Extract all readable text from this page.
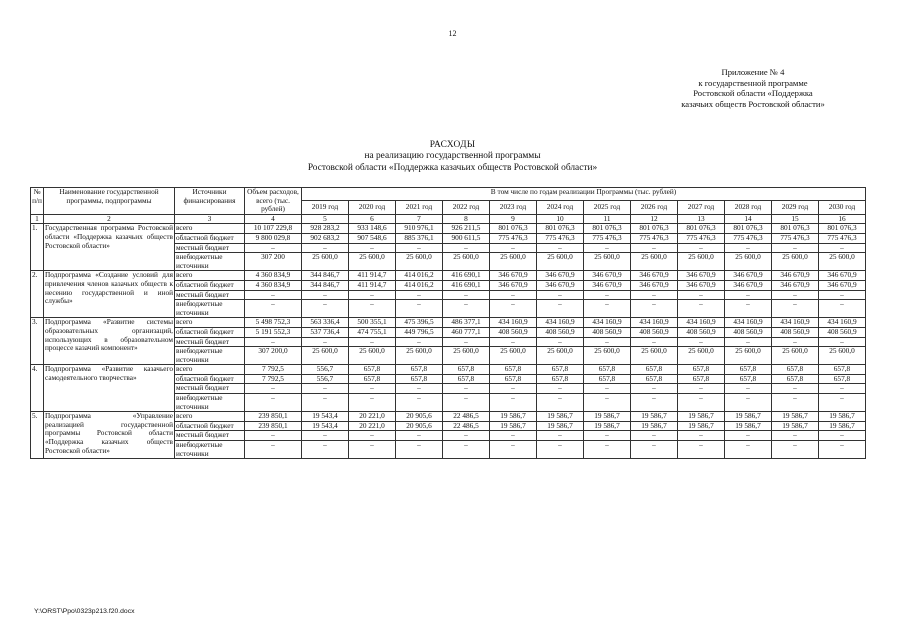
12
Приложение № 4
к государственной программе
Ростовской области «Поддержка
казачьих обществ Ростовской области»
РАСХОДЫ
на реализацию государственной программы
Ростовской области «Поддержка казачьих обществ Ростовской области»
№ п/п	Наименование государственной программы, подпрограммы	Источники финансирования	Объем расходов, всего (тыс. рублей)	В том числе по годам реализации Программы (тыс. рублей)											
				2019 год	2020 год	2021 год	2022 год	2023 год	2024 год	2025 год	2026 год	2027 год	2028 год	2029 год	2030 год
1	2	3	4	5	6	7	8	9	10	11	12	13	14	15	16
1.	Государственная программа Ростовской области «Поддержка казачьих обществ Ростовской области»	всего	10 107 229,8	928 283,2	933 148,6	910 976,1	926 211,5	801 076,3	801 076,3	801 076,3	801 076,3	801 076,3	801 076,3	801 076,3	801 076,3
		областной бюджет	9 800 029,8	902 683,2	907 548,6	885 376,1	900 611,5	775 476,3	775 476,3	775 476,3	775 476,3	775 476,3	775 476,3	775 476,3	775 476,3
		местный бюджет	–	–	–	–	–	–	–	–	–	–	–	–	–
		внебюджетные источники	307 200	25 600,0	25 600,0	25 600,0	25 600,0	25 600,0	25 600,0	25 600,0	25 600,0	25 600,0	25 600,0	25 600,0	25 600,0
2.	Подпрограмма «Создание условий для привлечения членов казачьих обществ к несению государственной и иной службы»	всего	4 360 834,9	344 846,7	411 914,7	414 016,2	416 690,1	346 670,9	346 670,9	346 670,9	346 670,9	346 670,9	346 670,9	346 670,9	346 670,9
		областной бюджет	4 360 834,9	344 846,7	411 914,7	414 016,2	416 690,1	346 670,9	346 670,9	346 670,9	346 670,9	346 670,9	346 670,9	346 670,9	346 670,9
		местный бюджет	–	–	–	–	–	–	–	–	–	–	–	–	–
		внебюджетные источники	–	–	–	–	–	–	–	–	–	–	–	–	–
3.	Подпрограмма «Развитие системы образовательных организаций, использующих в образовательном процессе казачий компонент»	всего	5 498 752,3	563 336,4	500 355,1	475 396,5	486 377,1	434 160,9	434 160,9	434 160,9	434 160,9	434 160,9	434 160,9	434 160,9	434 160,9
		областной бюджет	5 191 552,3	537 736,4	474 755,1	449 796,5	460 777,1	408 560,9	408 560,9	408 560,9	408 560,9	408 560,9	408 560,9	408 560,9	408 560,9
		местный бюджет	–	–	–	–	–	–	–	–	–	–	–	–	–
		внебюджетные источники	307 200,0	25 600,0	25 600,0	25 600,0	25 600,0	25 600,0	25 600,0	25 600,0	25 600,0	25 600,0	25 600,0	25 600,0	25 600,0
4.	Подпрограмма «Развитие казачьего самодеятельного творчества»	всего	7 792,5	556,7	657,8	657,8	657,8	657,8	657,8	657,8	657,8	657,8	657,8	657,8	657,8
		областной бюджет	7 792,5	556,7	657,8	657,8	657,8	657,8	657,8	657,8	657,8	657,8	657,8	657,8	657,8
		местный бюджет	–	–	–	–	–	–	–	–	–	–	–	–	–
		внебюджетные источники	–	–	–	–	–	–	–	–	–	–	–	–	–
5.	Подпрограмма «Управление реализацией государственной программы Ростовской области «Поддержка казачьих обществ Ростовской области»	всего	239 850,1	19 543,4	20 221,0	20 905,6	22 486,5	19 586,7	19 586,7	19 586,7	19 586,7	19 586,7	19 586,7	19 586,7	19 586,7
		областной бюджет	239 850,1	19 543,4	20 221,0	20 905,6	22 486,5	19 586,7	19 586,7	19 586,7	19 586,7	19 586,7	19 586,7	19 586,7	19 586,7
		местный бюджет	–	–	–	–	–	–	–	–	–	–	–	–	–
		внебюджетные источники	–	–	–	–	–	–	–	–	–	–	–	–	–
Y:\ORST\Ppo\0323p213.f20.docx
